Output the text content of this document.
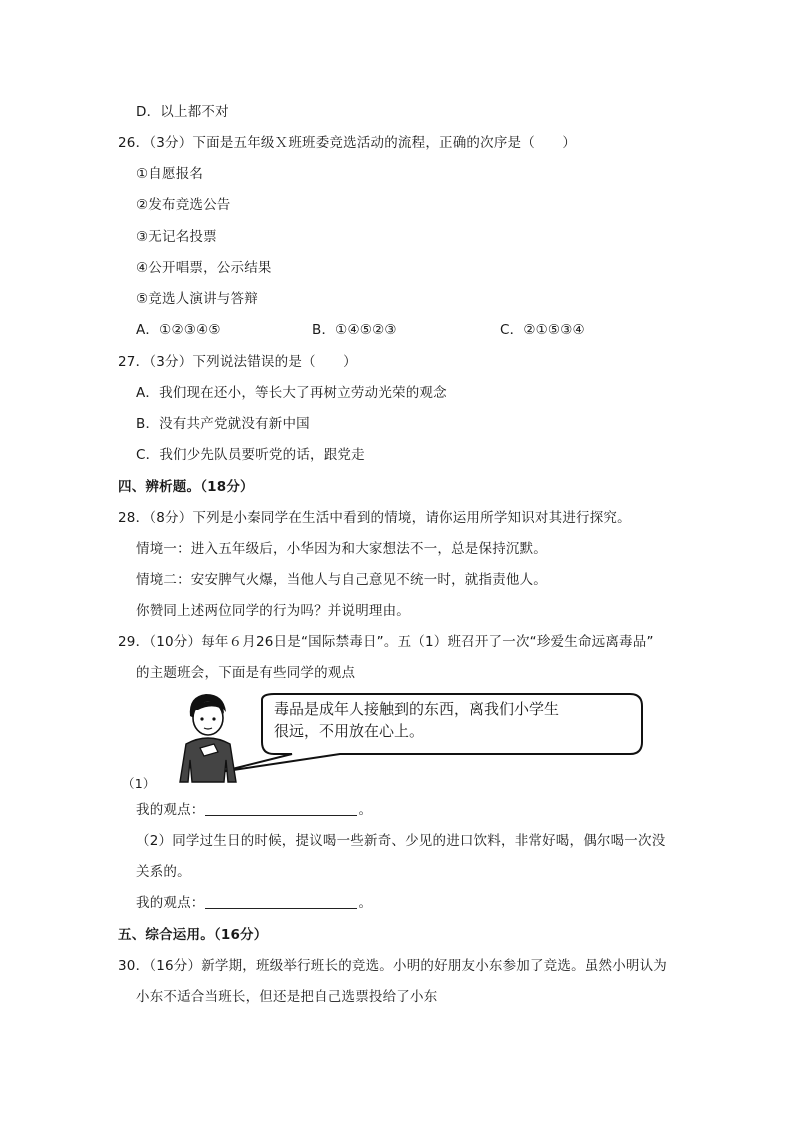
D．以上都不对
26．（3分）下面是五年级Ｘ班班委竞选活动的流程，正确的次序是（　　）
①自愿报名
②发布竞选公告
③无记名投票
④公开唱票，公示结果
⑤竞选人演讲与答辩
A．①②③④⑤	B．①④⑤②③	C．②①⑤③④
27．（3分）下列说法错误的是（　　）
A．我们现在还小，等长大了再树立劳动光荣的观念
B．没有共产党就没有新中国
C．我们少先队员要听党的话，跟党走
四、辨析题。（18分）
28．（8分）下列是小秦同学在生活中看到的情境，请你运用所学知识对其进行探究。
情境一：进入五年级后，小华因为和大家想法不一，总是保持沉默。
情境二：安安脾气火爆，当他人与自己意见不统一时，就指责他人。
你赞同上述两位同学的行为吗？并说明理由。
29．（10分）每年６月26日是“国际禁毒日”。五（1）班召开了一次“珍爱生命远离毒品”
的主题班会，下面是有些同学的观点
毒品是成年人接触到的东西，离我们小学生
很远，不用放在心上。
（1）
我的观点：	。
（2）同学过生日的时候，提议喝一些新奇、少见的进口饮料，非常好喝，偶尔喝一次没
关系的。
我的观点：	。
五、综合运用。（16分）
30．（16分）新学期，班级举行班长的竞选。小明的好朋友小东参加了竞选。虽然小明认为
小东不适合当班长，但还是把自己选票投给了小东
